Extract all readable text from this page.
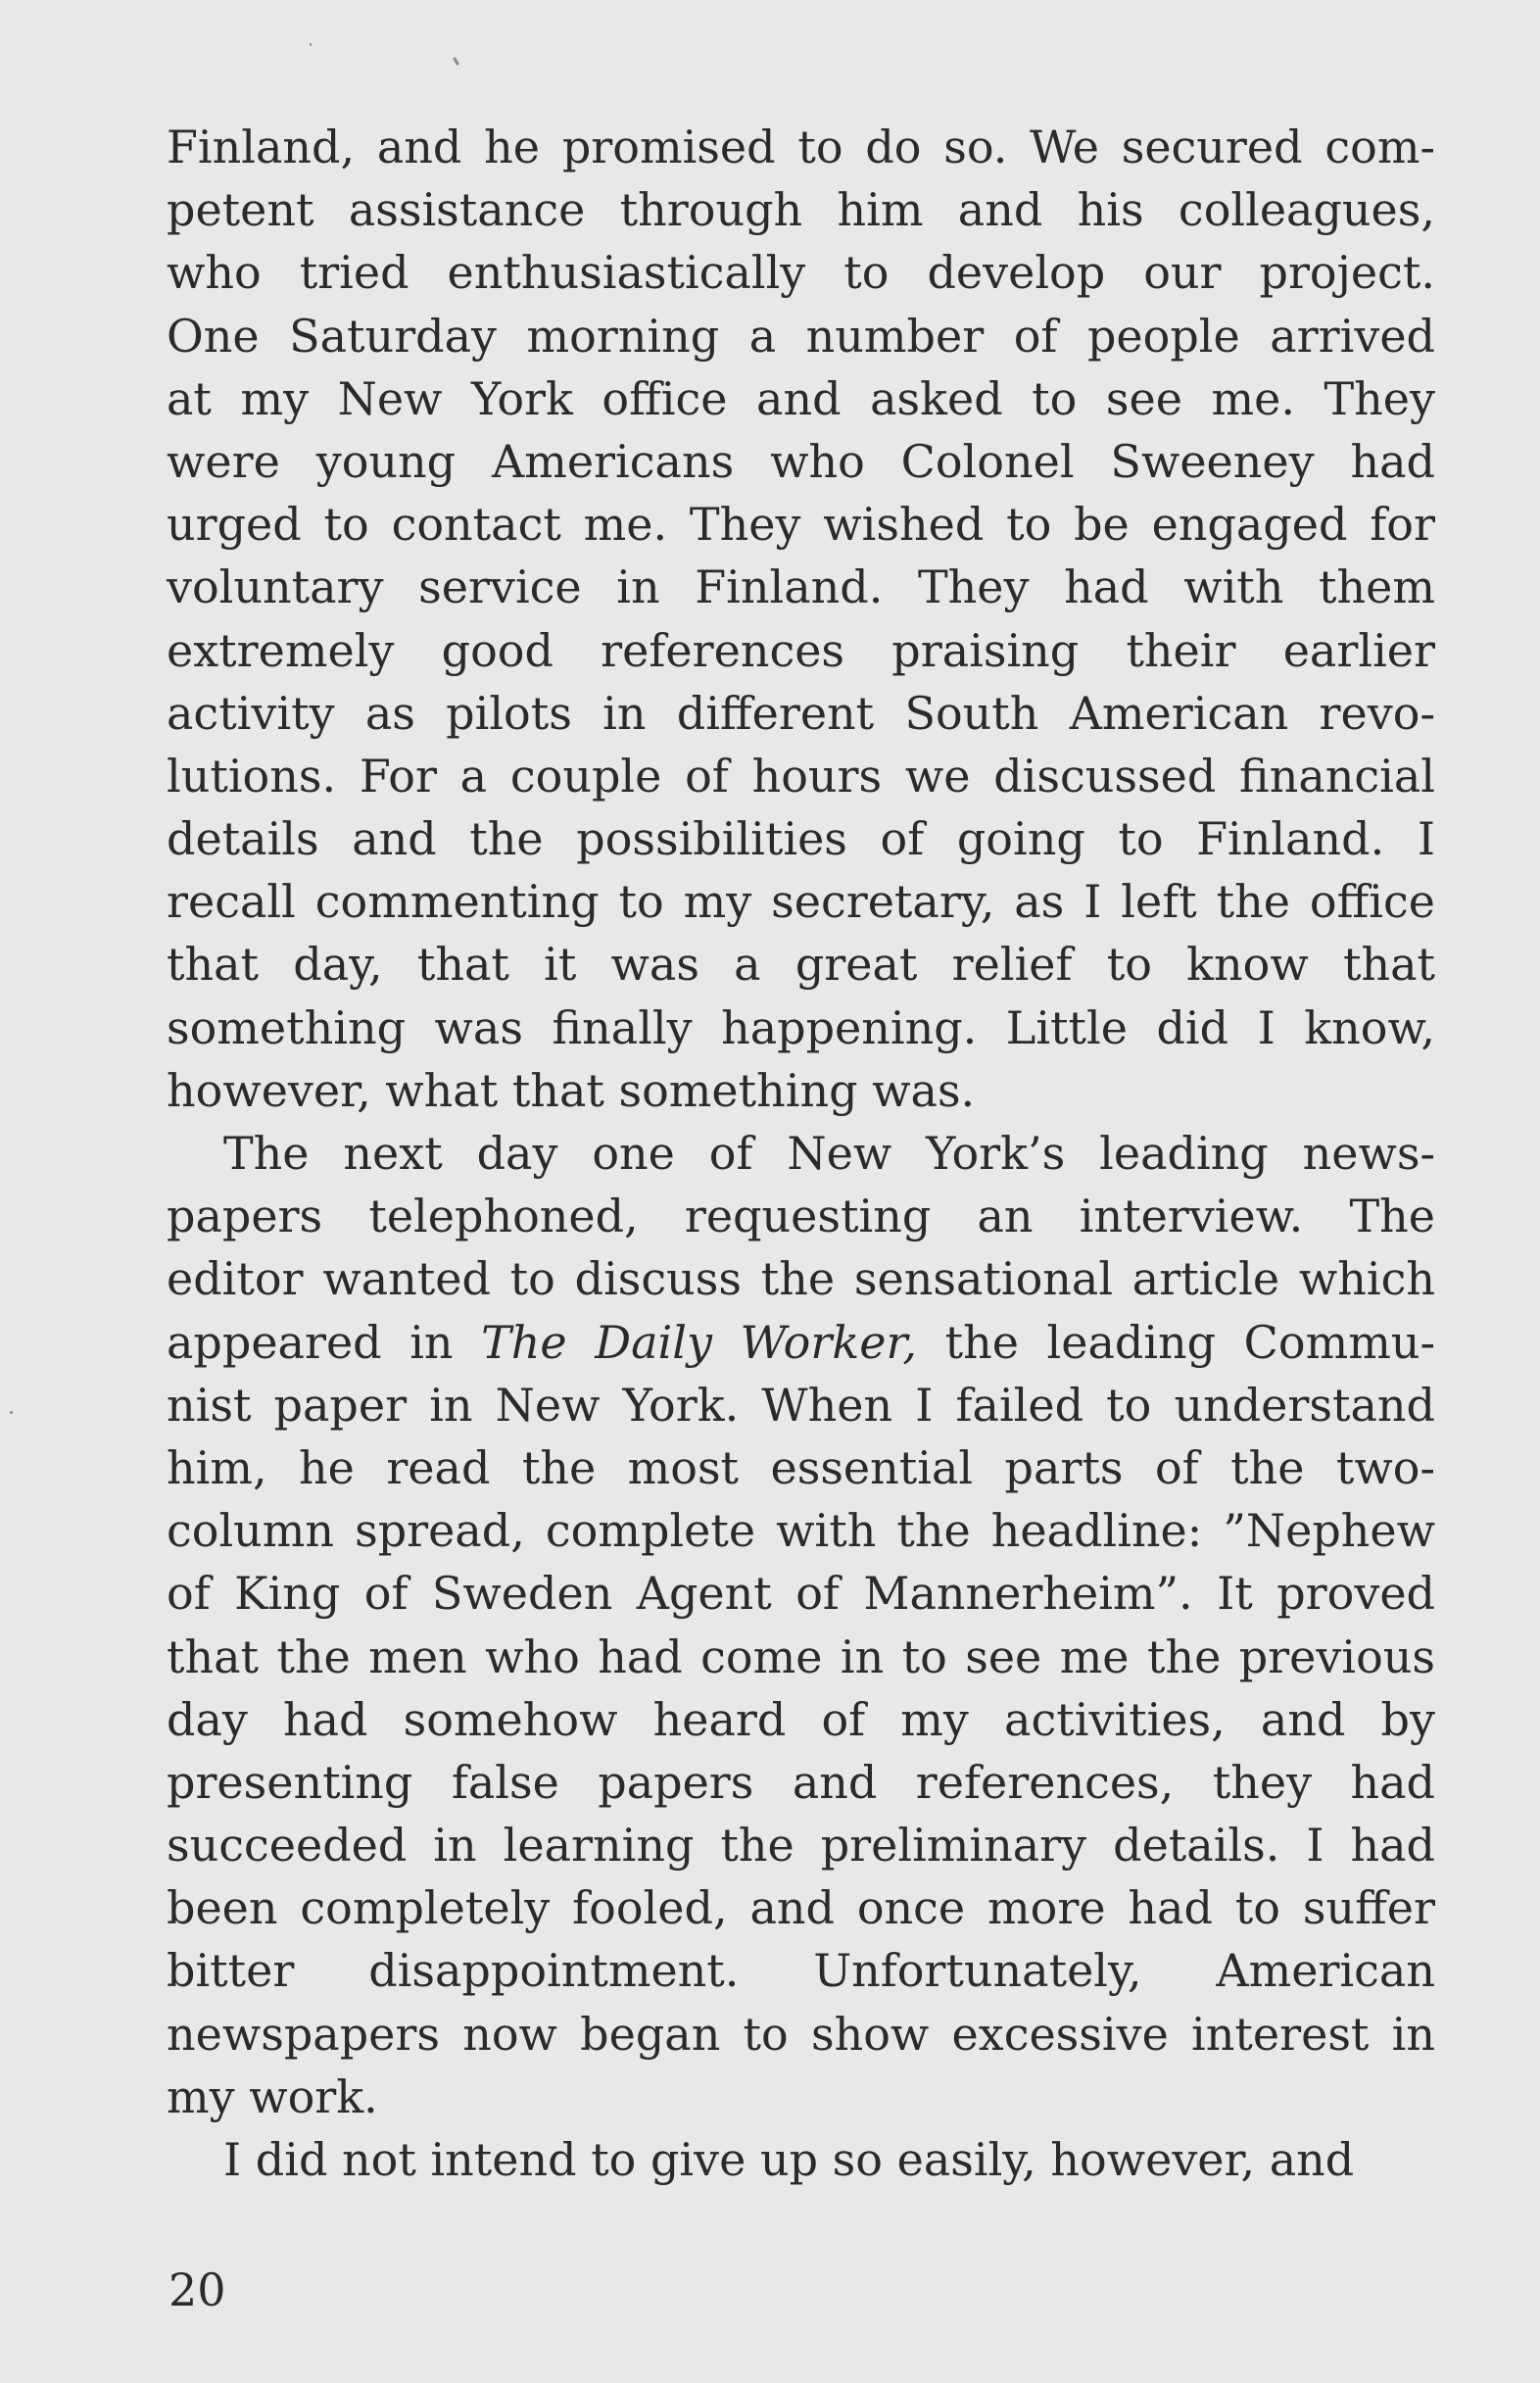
Finland, and he promised to do so. We secured com-
petent assistance through him and his colleagues,
who tried enthusiastically to develop our project.
One Saturday morning a number of people arrived
at my New York office and asked to see me. They
were young Americans who Colonel Sweeney had
urged to contact me. They wished to be engaged for
voluntary service in Finland. They had with them
extremely good references praising their earlier
activity as pilots in different South American revo-
lutions. For a couple of hours we discussed financial
details and the possibilities of going to Finland. I
recall commenting to my secretary, as I left the office
that day, that it was a great relief to know that
something was finally happening. Little did I know,
however, what that something was.
The next day one of New York’s leading news-
papers telephoned, requesting an interview. The
editor wanted to discuss the sensational article which
appeared in The Daily Worker, the leading Commu-
nist paper in New York. When I failed to understand
him, he read the most essential parts of the two-
column spread, complete with the headline: ”Nephew
of King of Sweden Agent of Mannerheim”. It proved
that the men who had come in to see me the previous
day had somehow heard of my activities, and by
presenting false papers and references, they had
succeeded in learning the preliminary details. I had
been completely fooled, and once more had to suffer
bitter disappointment. Unfortunately, American
newspapers now began to show excessive interest in
my work.
I did not intend to give up so easily, however, and
20
